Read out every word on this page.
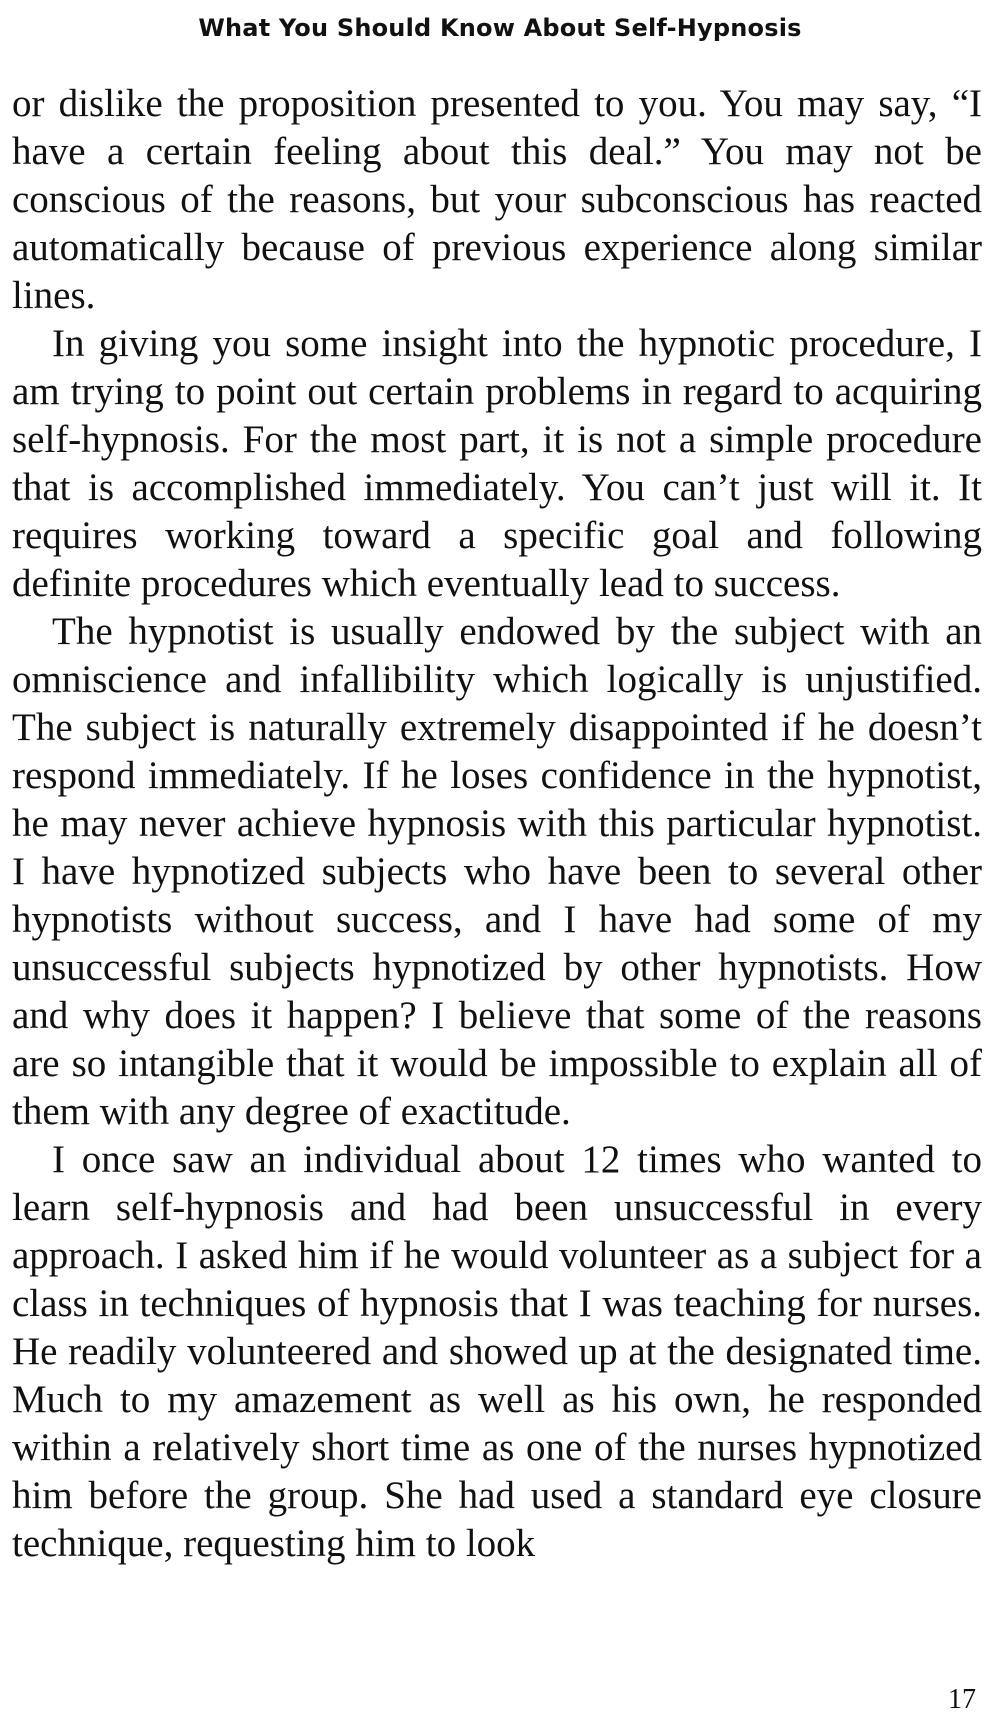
What You Should Know About Self-Hypnosis

or dislike the proposition presented to you. You may say, “I have a certain feeling about this deal.” You may not be conscious of the reasons, but your subconscious has reacted automatically because of previous experience along similar lines.

In giving you some insight into the hypnotic procedure, I am trying to point out certain problems in regard to acquiring self-hypnosis. For the most part, it is not a simple procedure that is accomplished immediately. You can’t just will it. It requires working toward a specific goal and following definite procedures which eventually lead to success.

The hypnotist is usually endowed by the subject with an omniscience and infallibility which logically is unjustified. The subject is naturally extremely disappointed if he doesn’t respond immediately. If he loses confidence in the hypnotist, he may never achieve hypnosis with this particular hypnotist. I have hypnotized subjects who have been to several other hypnotists without success, and I have had some of my unsuccessful subjects hypnotized by other hypnotists. How and why does it happen? I believe that some of the reasons are so intangible that it would be impossible to explain all of them with any degree of exactitude.

I once saw an individual about 12 times who wanted to learn self-hypnosis and had been unsuccessful in every approach. I asked him if he would volunteer as a subject for a class in techniques of hypnosis that I was teaching for nurses. He readily volunteered and showed up at the designated time. Much to my amazement as well as his own, he responded within a relatively short time as one of the nurses hypnotized him before the group. She had used a standard eye closure technique, requesting him to look

17
